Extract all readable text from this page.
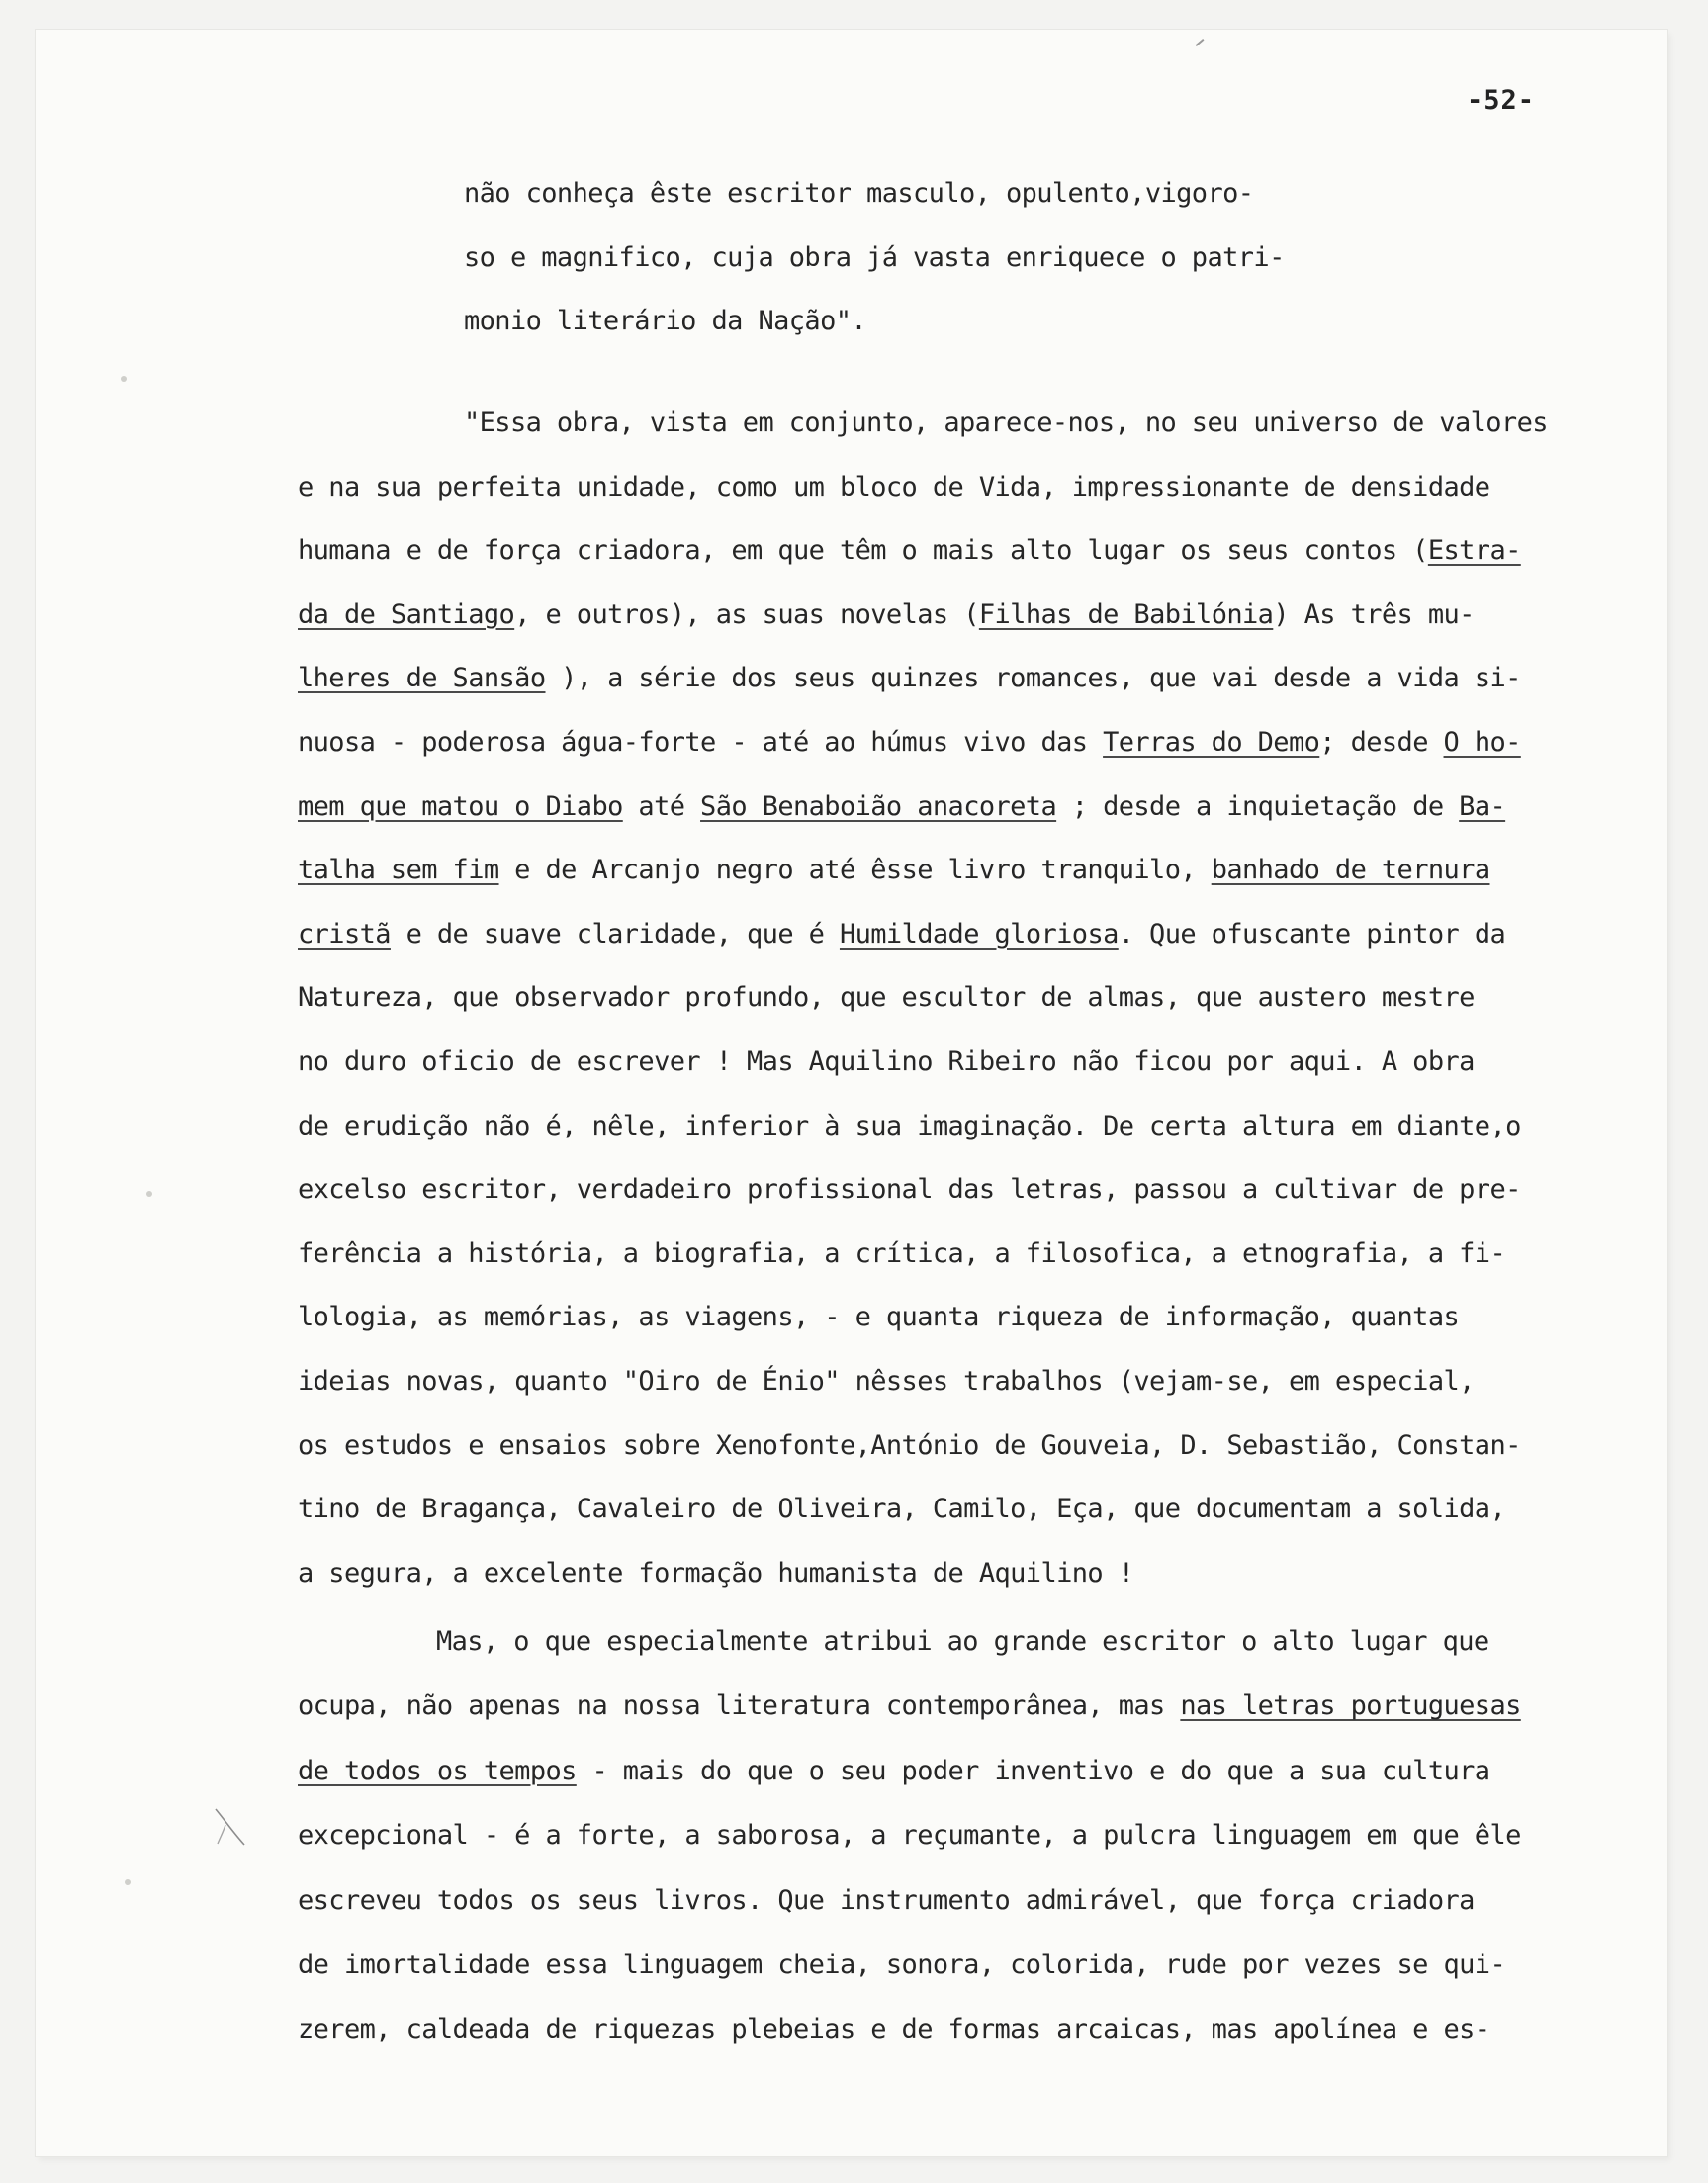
-52-
não conheça êste escritor masculo, opulento,vigoro-
so e magnifico, cuja obra já vasta enriquece o patri-
monio literário da Nação".
"Essa obra, vista em conjunto, aparece-nos, no seu universo de valores
e na sua perfeita unidade, como um bloco de Vida, impressionante de densidade
humana e de força criadora, em que têm o mais alto lugar os seus contos (Estra-
da de Santiago, e outros), as suas novelas (Filhas de Babilónia) As três mu-
lheres de Sansão ), a série dos seus quinzes romances, que vai desde a vida si-
nuosa - poderosa água-forte - até ao húmus vivo das Terras do Demo; desde O ho-
mem que matou o Diabo até São Benaboião anacoreta ; desde a inquietação de Ba-
talha sem fim e de Arcanjo negro até êsse livro tranquilo, banhado de ternura
cristã e de suave claridade, que é Humildade gloriosa. Que ofuscante pintor da
Natureza, que observador profundo, que escultor de almas, que austero mestre
no duro oficio de escrever ! Mas Aquilino Ribeiro não ficou por aqui. A obra
de erudição não é, nêle, inferior à sua imaginação. De certa altura em diante,o
excelso escritor, verdadeiro profissional das letras, passou a cultivar de pre-
ferência a história, a biografia, a crítica, a filosofica, a etnografia, a fi-
lologia, as memórias, as viagens, - e quanta riqueza de informação, quantas
ideias novas, quanto "Oiro de Énio" nêsses trabalhos (vejam-se, em especial,
os estudos e ensaios sobre Xenofonte,António de Gouveia, D. Sebastião, Constan-
tino de Bragança, Cavaleiro de Oliveira, Camilo, Eça, que documentam a solida,
a segura, a excelente formação humanista de Aquilino !
Mas, o que especialmente atribui ao grande escritor o alto lugar que
ocupa, não apenas na nossa literatura contemporânea, mas nas letras portuguesas
de todos os tempos - mais do que o seu poder inventivo e do que a sua cultura
excepcional - é a forte, a saborosa, a reçumante, a pulcra linguagem em que êle
escreveu todos os seus livros. Que instrumento admirável, que força criadora
de imortalidade essa linguagem cheia, sonora, colorida, rude por vezes se qui-
zerem, caldeada de riquezas plebeias e de formas arcaicas, mas apolínea e es-
